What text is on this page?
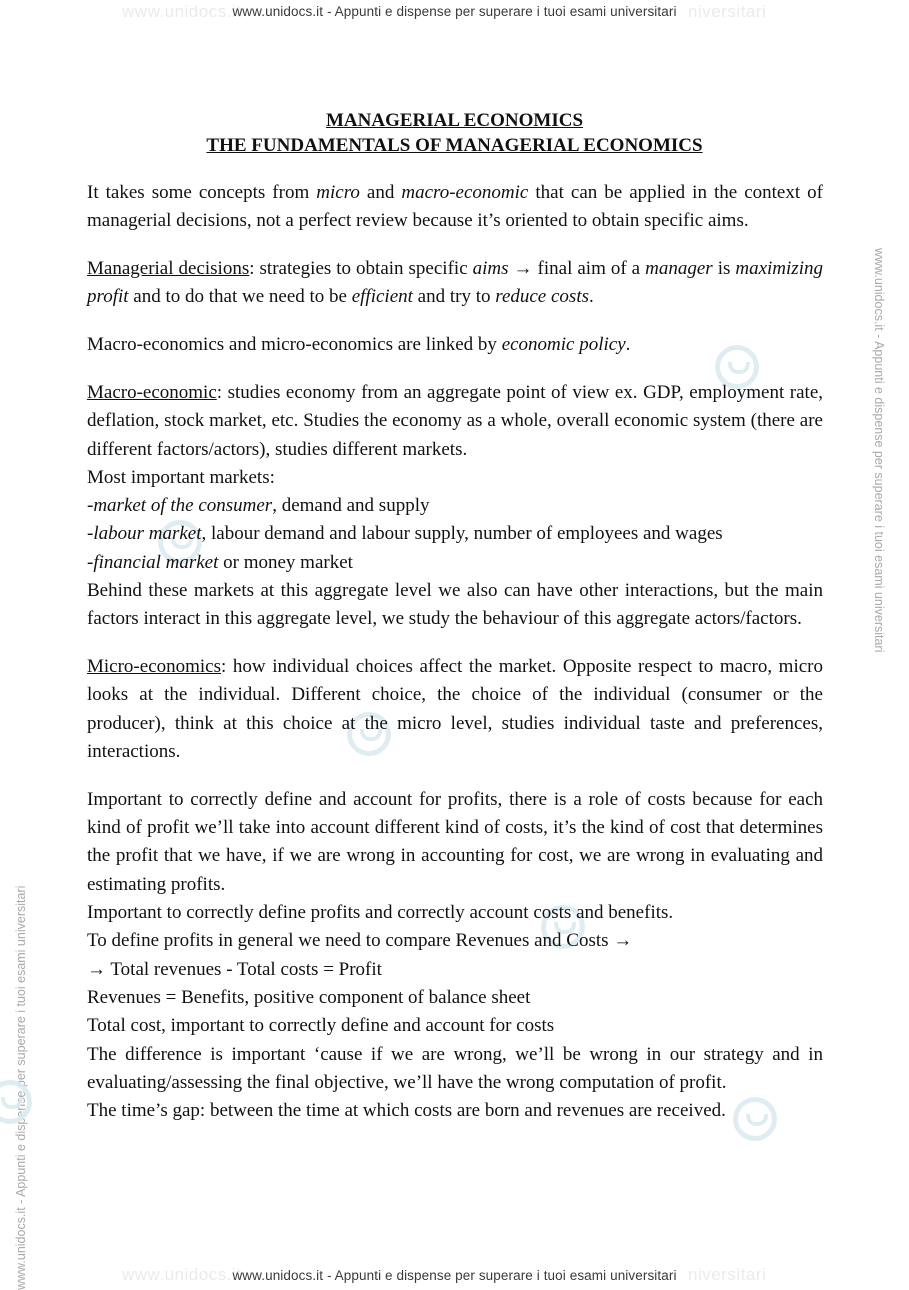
www.unidocs.it	niversitari
www.unidocs.it - Appunti e dispense per superare i tuoi esami universitari
www.unidocs.it	niversitari
www.unidocs.it - Appunti e dispense per superare i tuoi esami universitari
www.unidocs.it - Appunti e dispense per superare i tuoi esami universitari
www.unidocs.it - Appunti e dispense per superare i tuoi esami universitari
MANAGERIAL ECONOMICS
THE FUNDAMENTALS OF MANAGERIAL ECONOMICS

It takes some concepts from micro and macro-economic that can be applied in the context of managerial decisions, not a perfect review because it’s oriented to obtain specific aims.

Managerial decisions: strategies to obtain specific aims → final aim of a manager is maximizing profit and to do that we need to be efficient and try to reduce costs.

Macro-economics and micro-economics are linked by economic policy.

Macro-economic: studies economy from an aggregate point of view ex. GDP, employment rate, deflation, stock market, etc. Studies the economy as a whole, overall economic system (there are different factors/actors), studies different markets.
Most important markets:
-market of the consumer, demand and supply
-labour market, labour demand and labour supply, number of employees and wages
-financial market or money market
Behind these markets at this aggregate level we also can have other interactions, but the main factors interact in this aggregate level, we study the behaviour of this aggregate actors/factors.

Micro-economics: how individual choices affect the market. Opposite respect to macro, micro looks at the individual. Different choice, the choice of the individual (consumer or the producer), think at this choice at the micro level, studies individual taste and preferences, interactions.

Important to correctly define and account for profits, there is a role of costs because for each kind of profit we’ll take into account different kind of costs, it’s the kind of cost that determines the profit that we have, if we are wrong in accounting for cost, we are wrong in evaluating and estimating profits.
Important to correctly define profits and correctly account costs and benefits.
To define profits in general we need to compare Revenues and Costs →
→ Total revenues - Total costs = Profit
Revenues = Benefits, positive component of balance sheet
Total cost, important to correctly define and account for costs
The difference is important ‘cause if we are wrong, we’ll be wrong in our strategy and in evaluating/assessing the final objective, we’ll have the wrong computation of profit.
The time’s gap: between the time at which costs are born and revenues are received.
